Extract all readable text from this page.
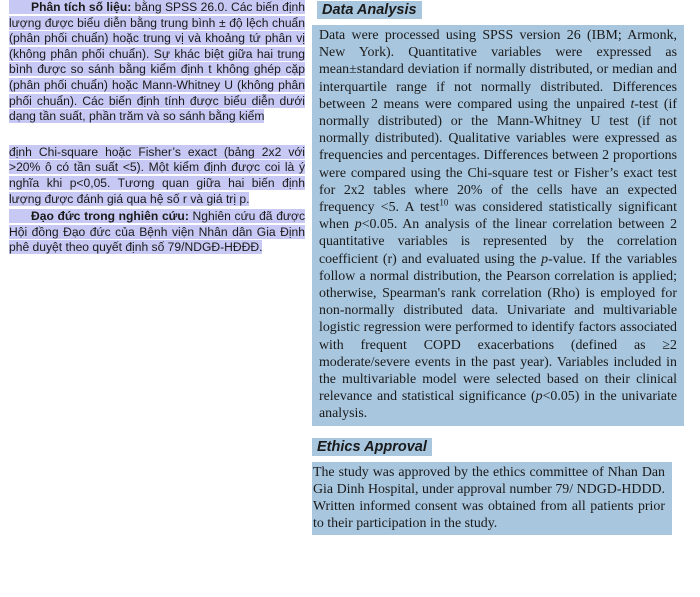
Phân tích số liệu: bằng SPSS 26.0. Các biến định lượng được biểu diễn bằng trung bình ± độ lệch chuẩn (phân phối chuẩn) hoặc trung vị và khoảng tứ phân vị (không phân phối chuẩn). Sự khác biệt giữa hai trung bình được so sánh bằng kiểm định t không ghép cặp (phân phối chuẩn) hoặc Mann-Whitney U (không phân phối chuẩn). Các biến định tính được biểu diễn dưới dạng tần suất, phần trăm và so sánh bằng kiểm

định Chi-square hoặc Fisher’s exact (bảng 2x2 với >20% ô có tần suất <5). Một kiểm định được coi là ý nghĩa khi p<0,05. Tương quan giữa hai biến định lượng được đánh giá qua hệ số r và giá trị p.

Đạo đức trong nghiên cứu: Nghiên cứu đã được Hội đồng Đạo đức của Bệnh viện Nhân dân Gia Định phê duyệt theo quyết định số 79/NDGĐ-HĐĐĐ.

Data Analysis
Data were processed using SPSS version 26 (IBM; Armonk, New York). Quantitative variables were expressed as mean±standard deviation if normally distributed, or median and interquartile range if not normally distributed. Differences between 2 means were compared using the unpaired t-test (if normally distributed) or the Mann-Whitney U test (if not normally distributed). Qualitative variables were expressed as frequencies and percentages. Differences between 2 proportions were compared using the Chi-square test or Fisher’s exact test for 2x2 tables where 20% of the cells have an expected frequency <5. A test$^{10}$ was considered statistically significant when p<0.05. An analysis of the linear correlation between 2 quantitative variables is represented by the correlation coefficient (r) and evaluated using the p-value. If the variables follow a normal distribution, the Pearson correlation is applied; otherwise, Spearman's rank correlation (Rho) is employed for non-normally distributed data. Univariate and multivariable logistic regression were performed to identify factors associated with frequent COPD exacerbations (defined as ≥2 moderate/severe events in the past year). Variables included in the multivariable model were selected based on their clinical relevance and statistical significance (p<0.05) in the univariate analysis.
Ethics Approval
The study was approved by the ethics committee of Nhan Dan Gia Dinh Hospital, under approval number 79/ NDGD-HDDD. Written informed consent was obtained from all patients prior to their participation in the study.
